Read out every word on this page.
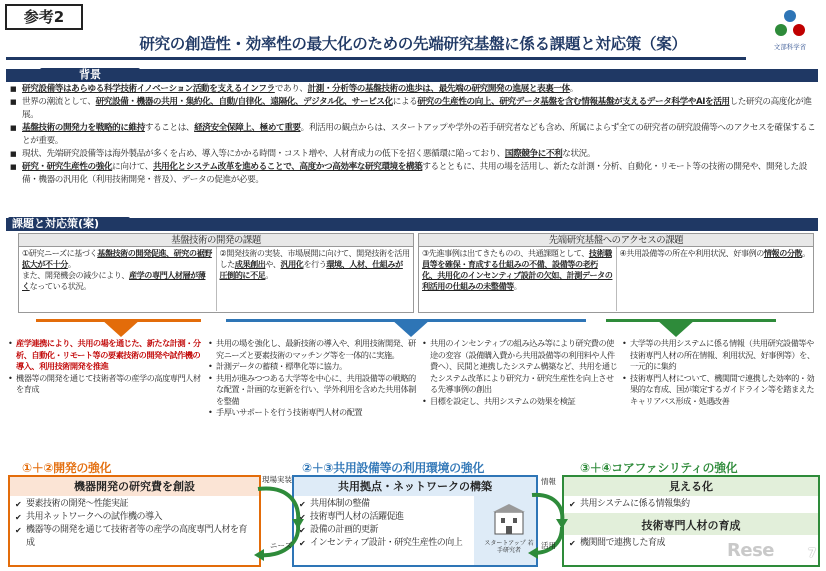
参考2
研究の創造性・効率性の最大化のための先端研究基盤に係る課題と対応策（案）	文部科学省
背景
■ 研究設備等はあらゆる科学技術イノベーション活動を支えるインフラであり、計測・分析等の基盤技術の進歩は、最先端の研究開発の進展と表裏一体。
■ 世界の潮流として、研究設備・機器の共用・集約化、自動/自律化、遠隔化、デジタル化、サービス化による研究の生産性の向上、研究データ基盤を含む情報基盤が支えるデータ科学やAIを活用した研究の高度化が進展。
■ 基盤技術の開発力を戦略的に維持することは、経済安全保障上、極めて重要。利活用の観点からは、スタートアップや学外の若手研究者なども含め、所属によらず全ての研究者の研究設備等へのアクセスを確保することが重要。
■ 現状、先端研究設備等は海外製品が多くを占め、導入等にかかる時間・コスト増や、人材育成力の低下を招く悪循環に陥っており、国際競争に不利な状況。
■ 研究・研究生産性の強化に向けて、共用化とシステム改革を進めることで、高度かつ高効率な研究環境を構築するとともに、共用の場を活用し、新たな計測・分析、自動化・リモート等の技術の開発や、開発した設備・機器の汎用化（利用技術開発・普及）、データの促進が必要。
課題と対応策(案)
基盤技術の開発の課題
①研究ニーズに基づく基盤技術の開発促進、研究の裾野拡大が不十分。
また、開発機会の減少により、産学の専門人材層が薄くなっている状況。
②開発技術の実装、市場展開に向けて、開発技術を活用した成果創出や、汎用化を行う環境、人材、仕組みが圧倒的に不足。
先端研究基盤へのアクセスの課題
③先進事例は出てきたものの、共通課題として、技術職員等を確保・育成する仕組みの不備、設備等の老朽化、共用化のインセンティブ設計の欠如、計測データの利活用の仕組みの未整備等。
④共用設備等の所在や利用状況、好事例の情報の分散。

• 産学連携により、共用の場を通じた、新たな計測・分析、自動化・リモート等の要素技術の開発や試作機の導入、利用技術開発を推進

• 機器等の開発を通じて技術者等の産学の高度専門人材を育成

• 共用の場を強化し、最新技術の導入や、利用技術開発、研究ニーズと要素技術のマッチング等を一体的に実施。

• 計測データの蓄積・標準化等に協力。

• 共用が進みつつある大学等を中心に、共用設備等の戦略的な配置・計画的な更新を行い、学外利用を含めた共用体制を整備

• 手厚いサポートを行う技術専門人材の配置

• 共用のインセンティブの組み込み等により研究費の使途の変容（設備購入費から共用設備等の利用料や人件費へ）、民間と連携したシステム構築など、共用を通じたシステム改革により研究力・研究生産性を向上させる先導事例の創出

• 目標を設定し、共用システムの効果を検証

• 大学等の共用システムに係る情報（共用研究設備等や技術専門人材の所在情報、利用状況、好事例等）を、一元的に集約

• 技術専門人材について、機関間で連携した効率的・効果的な育成、国が策定するガイドライン等を踏まえたキャリアパス形成・処遇改善

①＋②開発の強化	②＋③共用設備等の利用環境の強化	③＋④コアファシリティの強化
機器開発の研究費を創設
✔ 要素技術の開発～性能実証
✔ 共用ネットワークへの試作機の導入
✔ 機器等の開発を通じて技術者等の産学の高度専門人材を育成
共用拠点・ネットワークの構築
✔ 共用体制の整備
✔ 技術専門人材の活躍促進
✔ 設備の計画的更新
✔ インセンティブ設計・研究生産性の向上	スタートアップ 若手研究者
見える化
✔ 共用システムに係る情報集約
技術専門人材の育成
✔ 機関間で連携した育成
現場実装
ニーズ
情報
活用	Rese	7
